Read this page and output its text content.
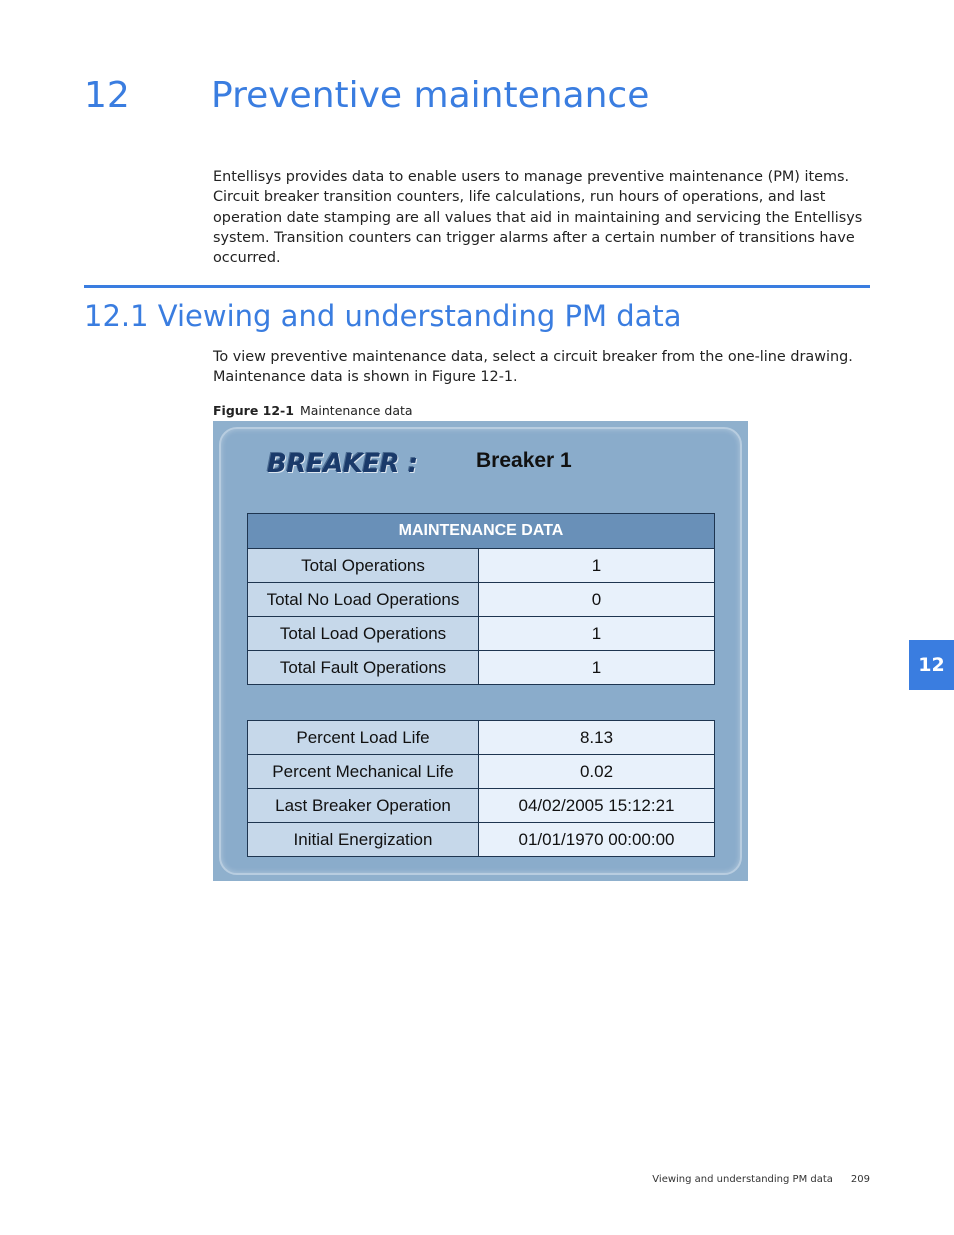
12 Preventive maintenance

Entellisys provides data to enable users to manage preventive maintenance (PM) items. Circuit breaker transition counters, life calculations, run hours of operations, and last operation date stamping are all values that aid in maintaining and servicing the Entellisys system. Transition counters can trigger alarms after a certain number of transitions have occurred.

12.1 Viewing and understanding PM data

To view preventive maintenance data, select a circuit breaker from the one-line drawing. Maintenance data is shown in Figure 12-1.

Figure 12-1 Maintenance data
BREAKER :	Breaker 1
MAINTENANCE DATA	
Total Operations	1
Total No Load Operations	0
Total Load Operations	1
Total Fault Operations	1
Percent Load Life	8.13
Percent Mechanical Life	0.02
Last Breaker Operation	04/02/2005 15:12:21
Initial Energization	01/01/1970 00:00:00
12
Viewing and understanding PM data 209
